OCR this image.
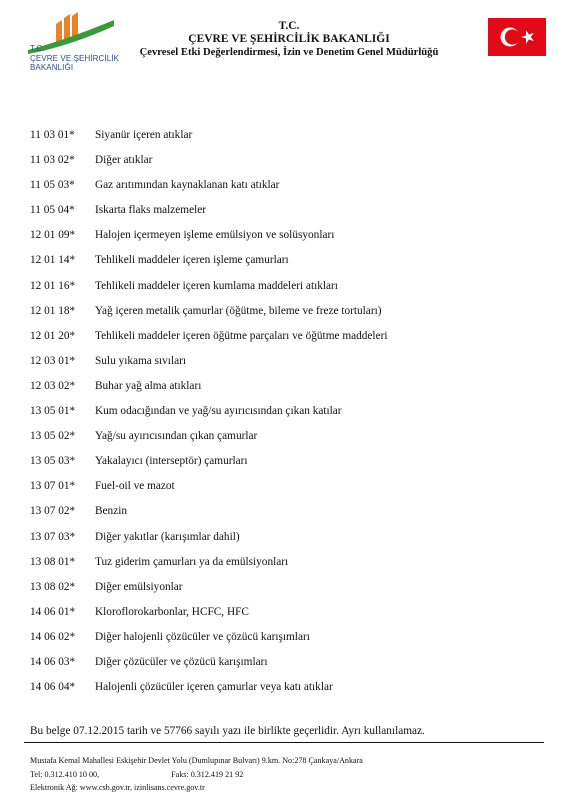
T.C.
ÇEVRE VE ŞEHİRCİLİK
BAKANLIĞI
T.C.
ÇEVRE VE ŞEHİRCİLİK BAKANLIĞI
Çevresel Etki Değerlendirmesi, İzin ve Denetim Genel Müdürlüğü
11 03 01*	Siyanür içeren atıklar
11 03 02*	Diğer atıklar
11 05 03*	Gaz arıtımından kaynaklanan katı atıklar
11 05 04*	Iskarta flaks malzemeler
12 01 09*	Halojen içermeyen işleme emülsiyon ve solüsyonları
12 01 14*	Tehlikeli maddeler içeren işleme çamurları
12 01 16*	Tehlikeli maddeler içeren kumlama maddeleri atıkları
12 01 18*	Yağ içeren metalik çamurlar (öğütme, bileme ve freze tortuları)
12 01 20*	Tehlikeli maddeler içeren öğütme parçaları ve öğütme maddeleri
12 03 01*	Sulu yıkama sıvıları
12 03 02*	Buhar yağ alma atıkları
13 05 01*	Kum odacığından ve yağ/su ayırıcısından çıkan katılar
13 05 02*	Yağ/su ayırıcısından çıkan çamurlar
13 05 03*	Yakalayıcı (interseptör) çamurları
13 07 01*	Fuel-oil ve mazot
13 07 02*	Benzin
13 07 03*	Diğer yakıtlar (karışımlar dahil)
13 08 01*	Tuz giderim çamurları ya da emülsiyonları
13 08 02*	Diğer emülsiyonlar
14 06 01*	Kloroflorokarbonlar, HCFC, HFC
14 06 02*	Diğer halojenli çözücüler ve çözücü karışımları
14 06 03*	Diğer çözücüler ve çözücü karışımları
14 06 04*	Halojenli çözücüler içeren çamurlar veya katı atıklar
Bu belge 07.12.2015 tarih ve 57766 sayılı yazı ile birlikte geçerlidir. Ayrı kullanılamaz.
Mustafa Kemal Mahallesi Eskişehir Devlet Yolu (Dumlupınar Bulvarı) 9.km. No:278 Çankaya/Ankara
Tel: 0.312.410 10 00,	Faks: 0.312.419 21 92
Elektronik Ağ: www.csb.gov.tr, izinlisans.cevre.gov.tr
